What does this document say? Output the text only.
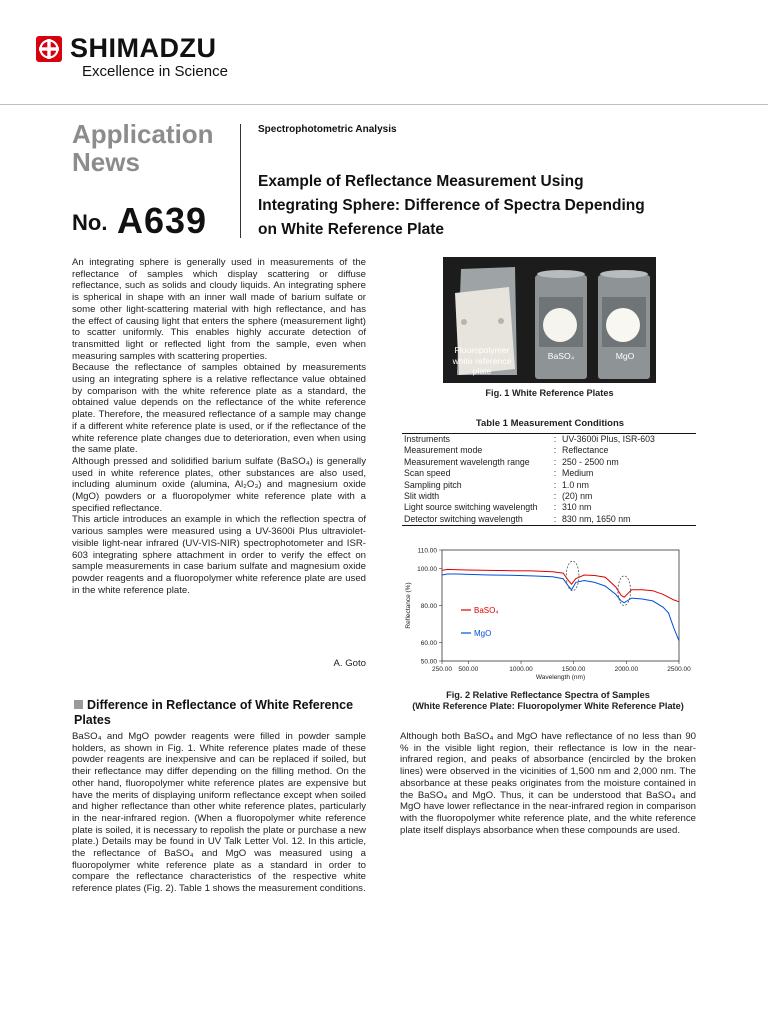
SHIMADZU
Excellence in Science
Application
News
No. A639
Spectrophotometric Analysis
Example of Reflectance Measurement Using Integrating Sphere: Difference of Spectra Depending on White Reference Plate

An integrating sphere is generally used in measurements of the reflectance of samples which display scattering or diffuse reflectance, such as solids and cloudy liquids. An integrating sphere is spherical in shape with an inner wall made of barium sulfate or some other light-scattering material with high reflectance, and has the effect of causing light that enters the sphere (measurement light) to scatter uniformly. This enables highly accurate detection of transmitted light or reflected light from the sample, even when measuring samples with scattering properties.

Because the reflectance of samples obtained by measurements using an integrating sphere is a relative reflectance value obtained by comparison with the white reference plate as a standard, the obtained value depends on the reflectance of the white reference plate. Therefore, the measured reflectance of a sample may change if a different white reference plate is used, or if the reflectance of the white reference plate changes due to deterioration, even when using the same plate.

Although pressed and solidified barium sulfate (BaSO₄) is generally used in white reference plates, other substances are also used, including aluminum oxide (alumina, Al₂O₃) and magnesium oxide (MgO) powders or a fluoropolymer white reference plate with a specified reflectance.

This article introduces an example in which the reflection spectra of various samples were measured using a UV-3600i Plus ultraviolet-visible light-near infrared (UV-VIS-NIR) spectrophotometer and ISR-603 integrating sphere attachment in order to verify the effect on sample measurements in case barium sulfate and magnesium oxide powder reagents and a fluoropolymer white reference plate are used in the white reference plate.

A. Goto
Difference in Reflectance of White Reference Plates

BaSO₄ and MgO powder reagents were filled in powder sample holders, as shown in Fig. 1. White reference plates made of these powder reagents are inexpensive and can be replaced if soiled, but their reflectance may differ depending on the filling method. On the other hand, fluoropolymer white reference plates are expensive but have the merits of displaying uniform reflectance except when soiled and higher reflectance than other white reference plates, particularly in the near-infrared region. (When a fluoropolymer white reference plate is soiled, it is necessary to repolish the plate or purchase a new plate.) Details may be found in UV Talk Letter Vol. 12. In this article, the reflectance of BaSO₄ and MgO was measured using a fluoropolymer white reference plate as a standard in order to compare the reflectance characteristics of the respective white reference plates (Fig. 2). Table 1 shows the measurement conditions.

Although both BaSO₄ and MgO have reflectance of no less than 90 % in the visible light region, their reflectance is low in the near-infrared region, and peaks of absorbance (encircled by the broken lines) were observed in the vicinities of 1,500 nm and 2,000 nm. The absorbance at these peaks originates from the moisture contained in the BaSO₄ and MgO. Thus, it can be understood that BaSO₄ and MgO have lower reflectance in the near-infrared region in comparison with the fluoropolymer white reference plate, and the white reference plate itself displays absorbance when these compounds are used.

Fluoropolymer white reference plate
BaSO₄	MgO
Fig. 1 White Reference Plates
Table 1 Measurement Conditions
Instruments	:	UV-3600i Plus, ISR-603
Measurement mode	:	Reflectance
Measurement wavelength range	:	250 - 2500 nm
Scan speed	:	Medium
Sampling pitch	:	1.0 nm
Slit width	:	(20) nm
Light source switching wavelength	:	310 nm
Detector switching wavelength	:	830 nm, 1650 nm
50.00
60.00
80.00
100.00
110.00
250.00 500.00	1000.00	1500.00	2000.00	2500.00
Wavelength (nm)
Reflectance (%)	BaSO₄
MgO
Fig. 2 Relative Reflectance Spectra of Samples
(White Reference Plate: Fluoropolymer White Reference Plate)
